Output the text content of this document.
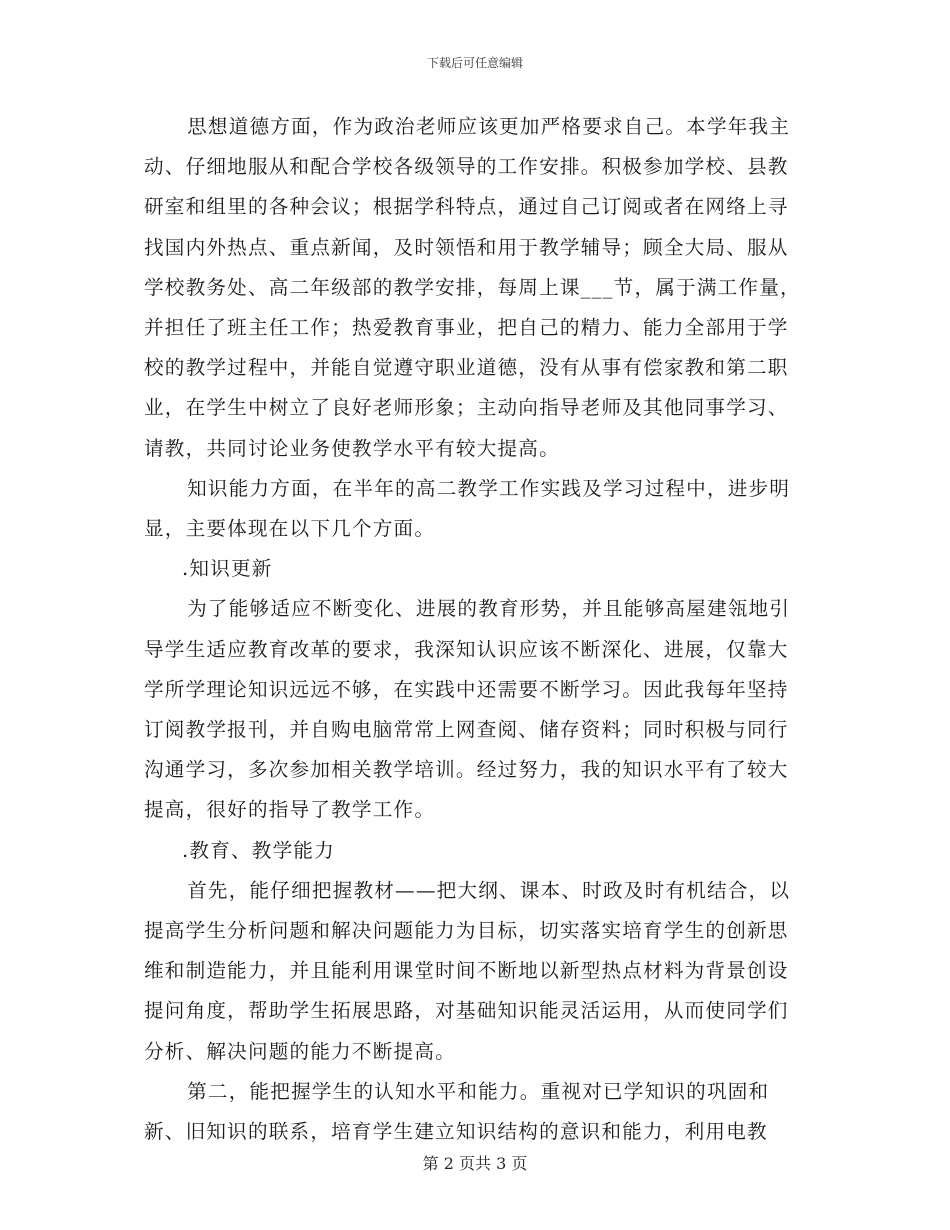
下载后可任意编辑

思想道德方面，作为政治老师应该更加严格要求自己。本学年我主动、仔细地服从和配合学校各级领导的工作安排。积极参加学校、县教研室和组里的各种会议；根据学科特点，通过自己订阅或者在网络上寻找国内外热点、重点新闻，及时领悟和用于教学辅导；顾全大局、服从学校教务处、高二年级部的教学安排，每周上课___节，属于满工作量，并担任了班主任工作；热爱教育事业，把自己的精力、能力全部用于学校的教学过程中，并能自觉遵守职业道德，没有从事有偿家教和第二职业，在学生中树立了良好老师形象；主动向指导老师及其他同事学习、请教，共同讨论业务使教学水平有较大提高。

知识能力方面，在半年的高二教学工作实践及学习过程中，进步明显，主要体现在以下几个方面。

.知识更新

为了能够适应不断变化、进展的教育形势，并且能够高屋建瓴地引导学生适应教育改革的要求，我深知认识应该不断深化、进展，仅靠大学所学理论知识远远不够，在实践中还需要不断学习。因此我每年坚持订阅教学报刊，并自购电脑常常上网查阅、储存资料；同时积极与同行沟通学习，多次参加相关教学培训。经过努力，我的知识水平有了较大提高，很好的指导了教学工作。

.教育、教学能力

首先，能仔细把握教材——把大纲、课本、时政及时有机结合，以提高学生分析问题和解决问题能力为目标，切实落实培育学生的创新思维和制造能力，并且能利用课堂时间不断地以新型热点材料为背景创设提问角度，帮助学生拓展思路，对基础知识能灵活运用，从而使同学们分析、解决问题的能力不断提高。

第二，能把握学生的认知水平和能力。重视对已学知识的巩固和新、旧知识的联系，培育学生建立知识结构的意识和能力，利用电教

第 2 页共 3 页
